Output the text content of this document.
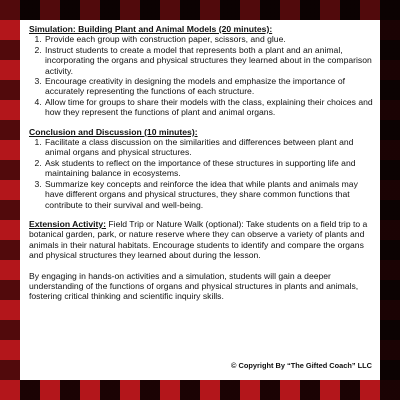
Simulation: Building Plant and Animal Models (20 minutes):
1. Provide each group with construction paper, scissors, and glue.
2. Instruct students to create a model that represents both a plant and an animal, incorporating the organs and physical structures they learned about in the comparison activity.
3. Encourage creativity in designing the models and emphasize the importance of accurately representing the functions of each structure.
4. Allow time for groups to share their models with the class, explaining their choices and how they represent the functions of plant and animal organs.
Conclusion and Discussion (10 minutes):
1. Facilitate a class discussion on the similarities and differences between plant and animal organs and physical structures.
2. Ask students to reflect on the importance of these structures in supporting life and maintaining balance in ecosystems.
3. Summarize key concepts and reinforce the idea that while plants and animals may have different organs and physical structures, they share common functions that contribute to their survival and well-being.

Extension Activity: Field Trip or Nature Walk (optional): Take students on a field trip to a botanical garden, park, or nature reserve where they can observe a variety of plants and animals in their natural habitats. Encourage students to identify and compare the organs and physical structures they learned about during the lesson.

By engaging in hands-on activities and a simulation, students will gain a deeper understanding of the functions of organs and physical structures in plants and animals, fostering critical thinking and scientific inquiry skills.

© Copyright By “The Gifted Coach” LLC
